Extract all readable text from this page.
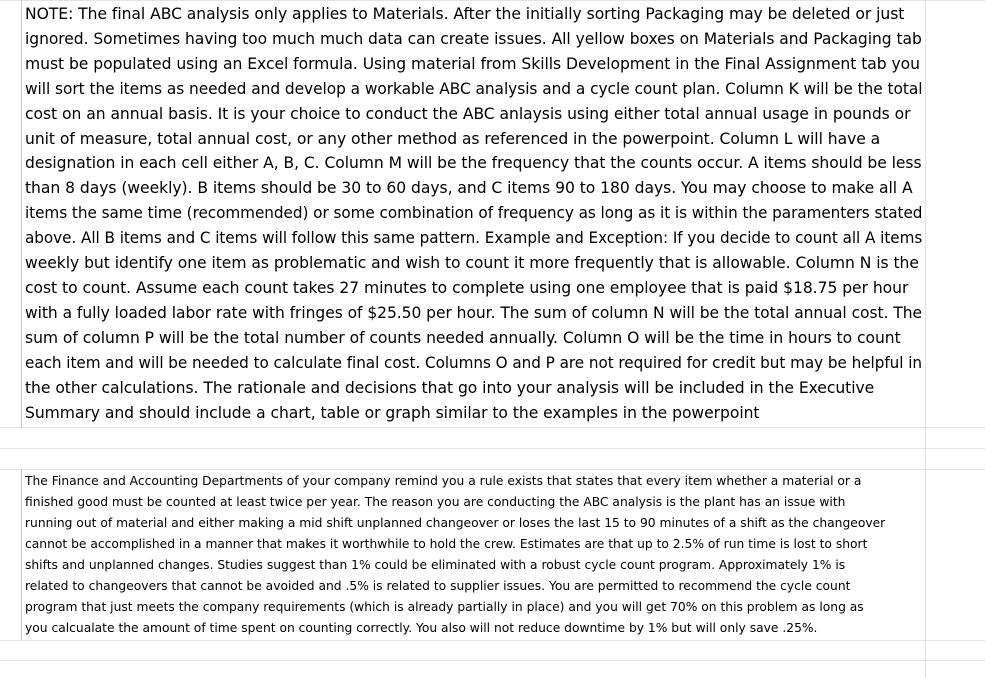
NOTE: The final ABC analysis only applies to Materials. After the initially sorting Packaging may be deleted or just
ignored. Sometimes having too much much data can create issues. All yellow boxes on Materials and Packaging tab
must be populated using an Excel formula. Using material from Skills Development in the Final Assignment tab you
will sort the items as needed and develop a workable ABC analysis and a cycle count plan. Column K will be the total
cost on an annual basis. It is your choice to conduct the ABC anlaysis using either total annual usage in pounds or
unit of measure, total annual cost, or any other method as referenced in the powerpoint. Column L will have a
designation in each cell either A, B, C. Column M will be the frequency that the counts occur. A items should be less
than 8 days (weekly). B items should be 30 to 60 days, and C items 90 to 180 days. You may choose to make all A
items the same time (recommended) or some combination of frequency as long as it is within the paramenters stated
above. All B items and C items will follow this same pattern. Example and Exception: If you decide to count all A items
weekly but identify one item as problematic and wish to count it more frequently that is allowable. Column N is the
cost to count. Assume each count takes 27 minutes to complete using one employee that is paid $18.75 per hour
with a fully loaded labor rate with fringes of $25.50 per hour. The sum of column N will be the total annual cost. The
sum of column P will be the total number of counts needed annually. Column O will be the time in hours to count
each item and will be needed to calculate final cost. Columns O and P are not required for credit but may be helpful in
the other calculations. The rationale and decisions that go into your analysis will be included in the Executive
Summary and should include a chart, table or graph similar to the examples in the powerpoint
The Finance and Accounting Departments of your company remind you a rule exists that states that every item whether a material or a
finished good must be counted at least twice per year. The reason you are conducting the ABC analysis is the plant has an issue with
running out of material and either making a mid shift unplanned changeover or loses the last 15 to 90 minutes of a shift as the changeover
cannot be accomplished in a manner that makes it worthwhile to hold the crew. Estimates are that up to 2.5% of run time is lost to short
shifts and unplanned changes. Studies suggest than 1% could be eliminated with a robust cycle count program. Approximately 1% is
related to changeovers that cannot be avoided and .5% is related to supplier issues. You are permitted to recommend the cycle count
program that just meets the company requirements (which is already partially in place) and you will get 70% on this problem as long as
you calcualate the amount of time spent on counting correctly. You also will not reduce downtime by 1% but will only save .25%.
